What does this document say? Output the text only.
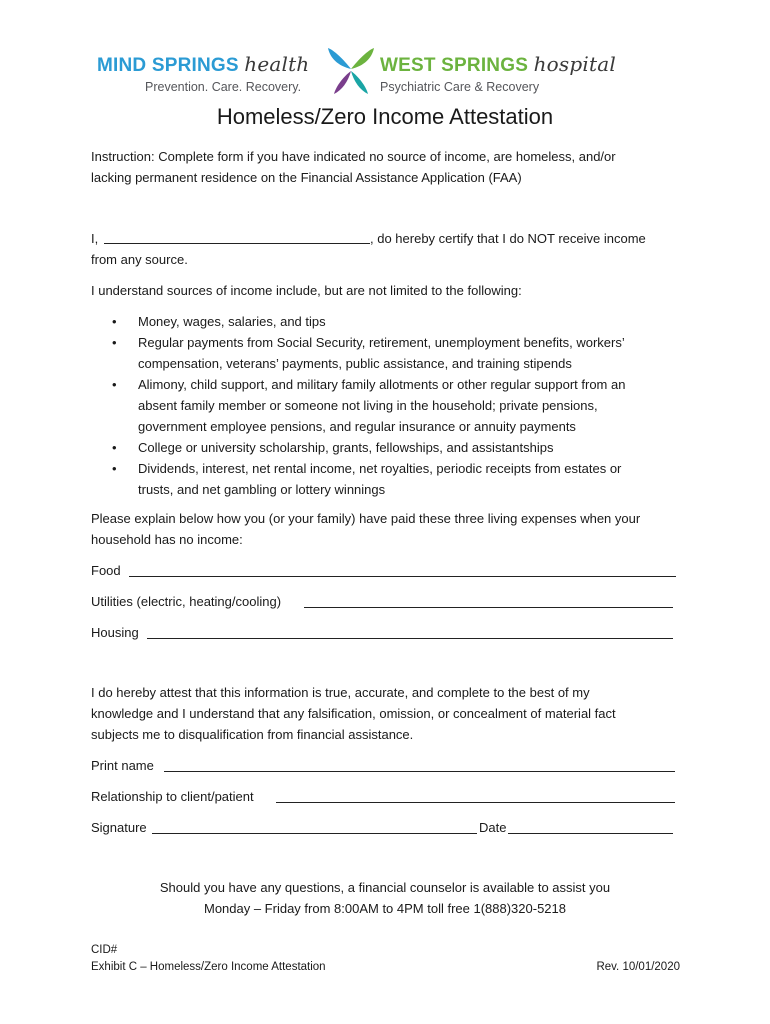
MIND SPRINGS health
Prevention. Care. Recovery.
WEST SPRINGS hospital
Psychiatric Care & Recovery
Homeless/Zero Income Attestation
Instruction: Complete form if you have indicated no source of income, are homeless, and/or
lacking permanent residence on the Financial Assistance Application (FAA)
I,	, do hereby certify that I do NOT receive income
from any source.
I understand sources of income include, but are not limited to the following:
• Money, wages, salaries, and tips
• Regular payments from Social Security, retirement, unemployment benefits, workers’
compensation, veterans’ payments, public assistance, and training stipends
• Alimony, child support, and military family allotments or other regular support from an
absent family member or someone not living in the household; private pensions,
government employee pensions, and regular insurance or annuity payments
• College or university scholarship, grants, fellowships, and assistantships
• Dividends, interest, net rental income, net royalties, periodic receipts from estates or
trusts, and net gambling or lottery winnings
Please explain below how you (or your family) have paid these three living expenses when your
household has no income:
Food
Utilities (electric, heating/cooling)
Housing
I do hereby attest that this information is true, accurate, and complete to the best of my
knowledge and I understand that any falsification, omission, or concealment of material fact
subjects me to disqualification from financial assistance.
Print name
Relationship to client/patient
Signature	Date
Should you have any questions, a financial counselor is available to assist you
Monday – Friday from 8:00AM to 4PM toll free 1(888)320-5218
CID#
Exhibit C – Homeless/Zero Income Attestation	Rev. 10/01/2020
